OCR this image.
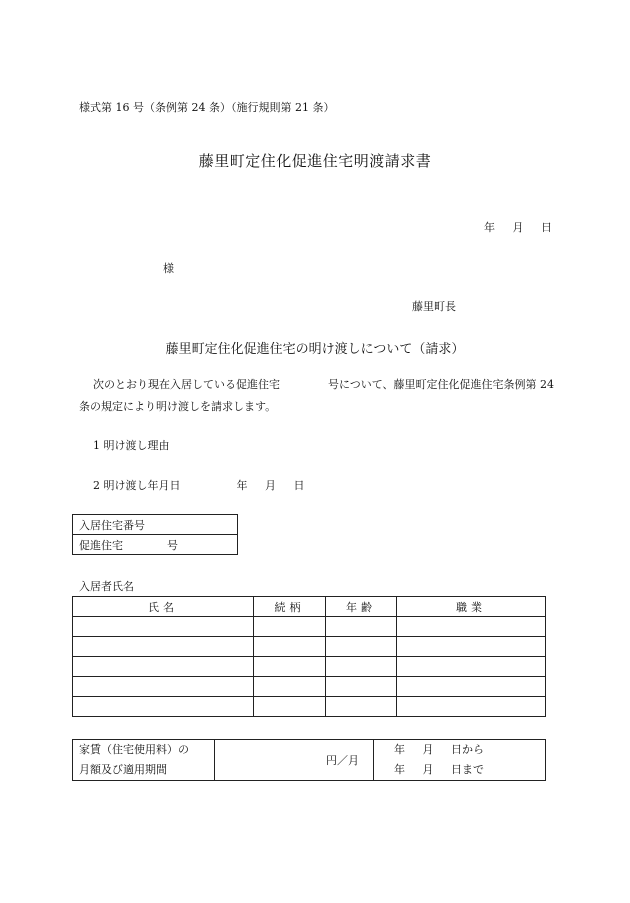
様式第 16 号（条例第 24 条）（施行規則第 21 条）
藤里町定住化促進住宅明渡請求書
年 月 日
様
藤里町長
藤里町定住化促進住宅の明け渡しについて（請求）
次のとおり現在入居している促進住宅	号について、藤里町定住化促進住宅条例第 24
条の規定により明け渡しを請求します。
1 明け渡し理由
2 明け渡し年月日	年 月 日
入居住宅番号
促進住宅	号
入居者氏名
氏名	続柄	年齢	職業

家賃（住宅使用料）の
月額及び適用期間
	円／月	
年 月 日から
年 月 日まで
